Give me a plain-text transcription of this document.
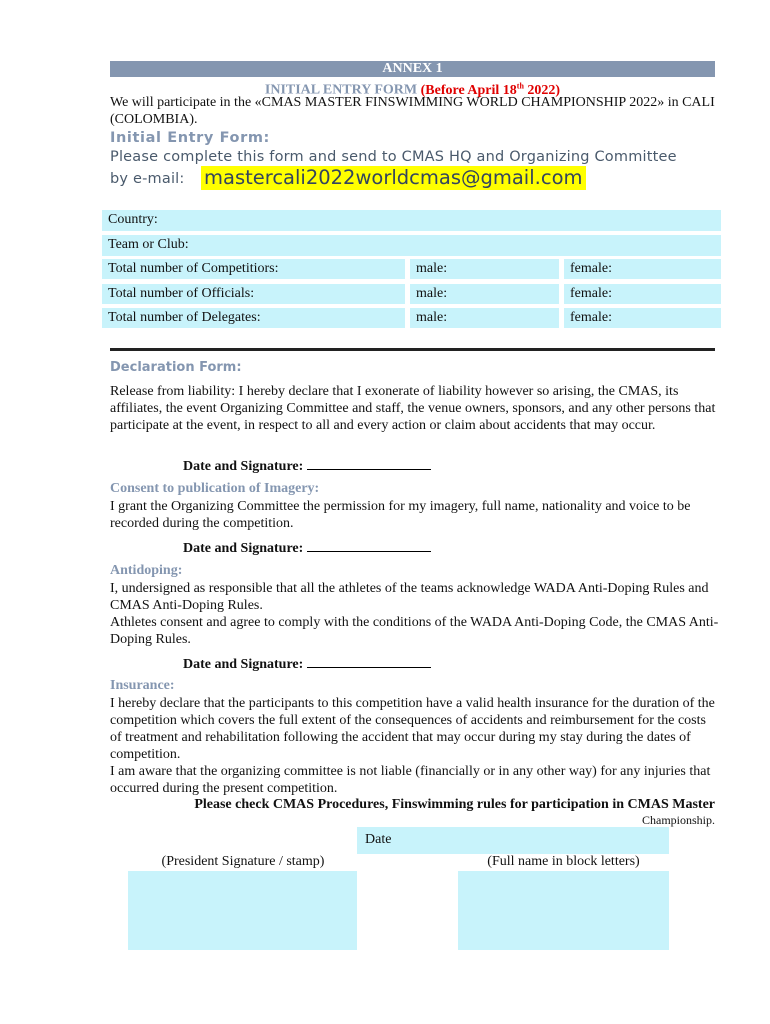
ANNEX 1
INITIAL ENTRY FORM (Before April 18th 2022)
We will participate in the «CMAS MASTER FINSWIMMING WORLD CHAMPIONSHIP 2022» in CALI (COLOMBIA).
Initial Entry Form:
Please complete this form and send to CMAS HQ and Organizing Committee
by e-mail: mastercali2022worldcmas@gmail.com
Country:
Team or Club:
Total number of Competitiors:	male:	female:
Total number of Officials:	male:	female:
Total number of Delegates:	male:	female:
Declaration Form:
Release from liability: I hereby declare that I exonerate of liability however so arising, the CMAS, its affiliates, the event Organizing Committee and staff, the venue owners, sponsors, and any other persons that participate at the event, in respect to all and every action or claim about accidents that may occur.
Date and Signature:
Consent to publication of Imagery:
I grant the Organizing Committee the permission for my imagery, full name, nationality and voice to be recorded during the competition.
Date and Signature:
Antidoping:
I, undersigned as responsible that all the athletes of the teams acknowledge WADA Anti-Doping Rules and CMAS Anti-Doping Rules.
Athletes consent and agree to comply with the conditions of the WADA Anti-Doping Code, the CMAS Anti-Doping Rules.
Date and Signature:
Insurance:
I hereby declare that the participants to this competition have a valid health insurance for the duration of the competition which covers the full extent of the consequences of accidents and reimbursement for the costs of treatment and rehabilitation following the accident that may occur during my stay during the dates of competition.
I am aware that the organizing committee is not liable (financially or in any other way) for any injuries that occurred during the present competition.
Please check CMAS Procedures, Finswimming rules for participation in CMAS Master
Championship.
Date
(President Signature / stamp)	(Full name in block letters)
